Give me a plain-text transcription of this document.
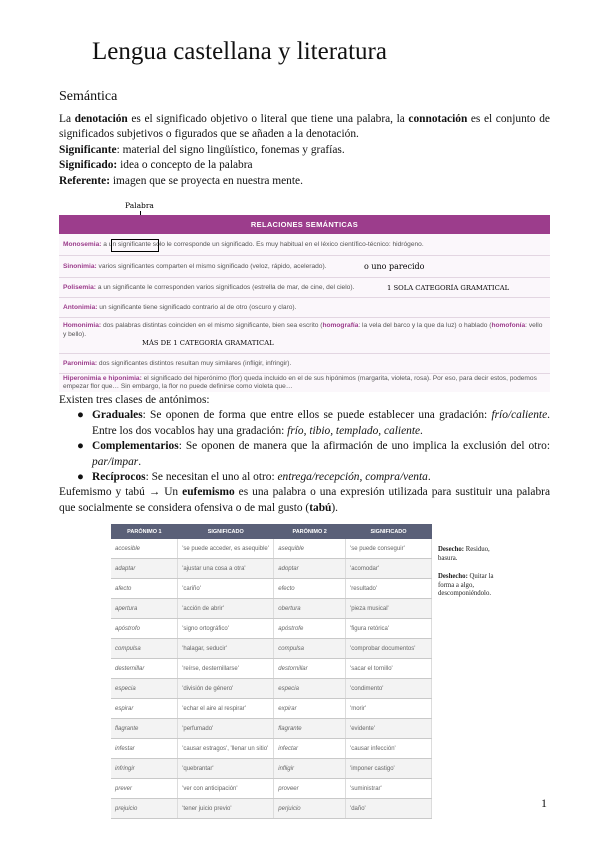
Lengua castellana y literatura
Semántica
La denotación es el significado objetivo o literal que tiene una palabra, la connotación es el conjunto de significados subjetivos o figurados que se añaden a la denotación.
Significante: material del signo lingüístico, fonemas y grafías.
Significado: idea o concepto de la palabra
Referente: imagen que se proyecta en nuestra mente.
Palabra
RELACIONES SEMÁNTICAS
Monosemia: a un significante solo le corresponde un significado. Es muy habitual en el léxico científico-técnico: hidrógeno.
Sinonimia: varios significantes comparten el mismo significado (veloz, rápido, acelerado).	o uno parecido
Polisemia: a un significante le corresponden varios significados (estrella de mar, de cine, del cielo).	1 SOLA CATEGORÍA GRAMATICAL
Antonimia: un significante tiene significado contrario al de otro (oscuro y claro).
Homonimia: dos palabras distintas coinciden en el mismo significante, bien sea escrito (homografía: la vela del barco y la que da luz) o hablado (homofonía: vello y bello).
MÁS DE 1 CATEGORÍA GRAMATICAL
Paronimia: dos significantes distintos resultan muy similares (infligir, infringir).
Hiperonimia e hiponimia: el significado del hiperónimo (flor) queda incluido en el de sus hipónimos (margarita, violeta, rosa). Por eso, para decir estos, podemos empezar flor que… Sin embargo, la flor no puede definirse como violeta que…
Existen tres clases de antónimos:
● Graduales: Se oponen de forma que entre ellos se puede establecer una gradación: frío/caliente. Entre los dos vocablos hay una gradación: frío, tibio, templado, caliente.
● Complementarios: Se oponen de manera que la afirmación de uno implica la exclusión del otro: par/impar.
● Recíprocos: Se necesitan el uno al otro: entrega/recepción, compra/venta.
Eufemismo y tabú → Un eufemismo es una palabra o una expresión utilizada para sustituir una palabra que socialmente se considera ofensiva o de mal gusto (tabú).
PARÓNIMO 1	SIGNIFICADO	PARÓNIMO 2	SIGNIFICADO
accesible	'se puede acceder, es asequible'	asequible	'se puede conseguir'
adaptar	'ajustar una cosa a otra'	adoptar	'acomodar'
afecto	'cariño'	efecto	'resultado'
apertura	'acción de abrir'	obertura	'pieza musical'
apóstrofo	'signo ortográfico'	apóstrofe	'figura retórica'
compulsa	'halagar, seducir'	compulsa	'comprobar documentos'
desternillar	'reírse, desternillarse'	destornillar	'sacar el tornillo'
especia	'división de género'	especia	'condimento'
espirar	'echar el aire al respirar'	expirar	'morir'
flagrante	'perfumado'	flagrante	'evidente'
infestar	'causar estragos', 'llenar un sitio'	infectar	'causar infección'
infringir	'quebrantar'	infligir	'imponer castigo'
prever	'ver con anticipación'	proveer	'suministrar'
prejuicio	'tener juicio previo'	perjuicio	'daño'
Desecho: Residuo, basura.
Deshecho: Quitar la forma a algo, descomponiéndolo.
1
